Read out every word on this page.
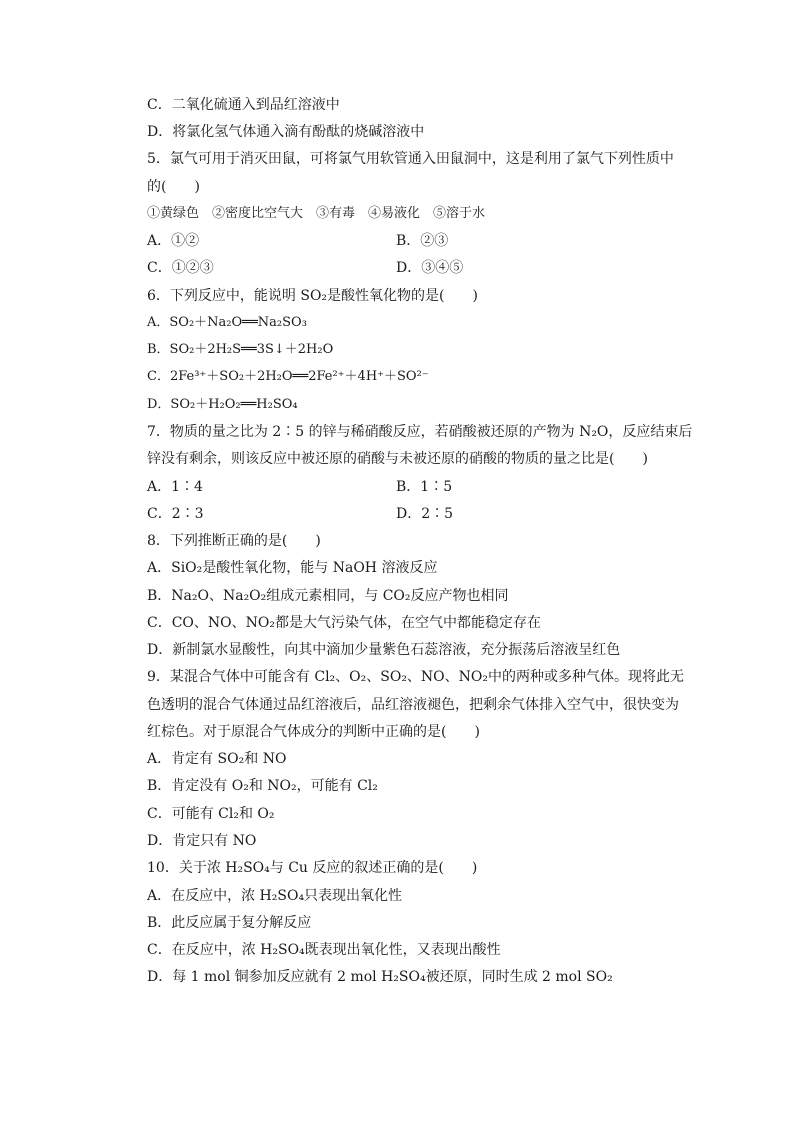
C．二氧化硫通入到品红溶液中
D．将氯化氢气体通入滴有酚酞的烧碱溶液中
5．氯气可用于消灭田鼠，可将氯气用软管通入田鼠洞中，这是利用了氯气下列性质中
的(　　)
①黄绿色　②密度比空气大　③有毒　④易液化　⑤溶于水
A．①②	B．②③
C．①②③	D．③④⑤
6．下列反应中，能说明 SO₂是酸性氧化物的是(　　)
A．SO₂＋Na₂O══Na₂SO₃
B．SO₂＋2H₂S══3S↓＋2H₂O
C．2Fe³⁺＋SO₂＋2H₂O══2Fe²⁺＋4H⁺＋SO²⁻
D．SO₂＋H₂O₂══H₂SO₄
7．物质的量之比为 2∶5 的锌与稀硝酸反应，若硝酸被还原的产物为 N₂O，反应结束后
锌没有剩余，则该反应中被还原的硝酸与未被还原的硝酸的物质的量之比是(　　)
A．1∶4	B．1∶5
C．2∶3	D．2∶5
8．下列推断正确的是(　　)
A．SiO₂是酸性氧化物，能与 NaOH 溶液反应
B．Na₂O、Na₂O₂组成元素相同，与 CO₂反应产物也相同
C．CO、NO、NO₂都是大气污染气体，在空气中都能稳定存在
D．新制氯水显酸性，向其中滴加少量紫色石蕊溶液，充分振荡后溶液呈红色
9．某混合气体中可能含有 Cl₂、O₂、SO₂、NO、NO₂中的两种或多种气体。现将此无
色透明的混合气体通过品红溶液后，品红溶液褪色，把剩余气体排入空气中，很快变为
红棕色。对于原混合气体成分的判断中正确的是(　　)
A．肯定有 SO₂和 NO
B．肯定没有 O₂和 NO₂，可能有 Cl₂
C．可能有 Cl₂和 O₂
D．肯定只有 NO
10．关于浓 H₂SO₄与 Cu 反应的叙述正确的是(　　)
A．在反应中，浓 H₂SO₄只表现出氧化性
B．此反应属于复分解反应
C．在反应中，浓 H₂SO₄既表现出氧化性，又表现出酸性
D．每 1 mol 铜参加反应就有 2 mol H₂SO₄被还原，同时生成 2 mol SO₂
